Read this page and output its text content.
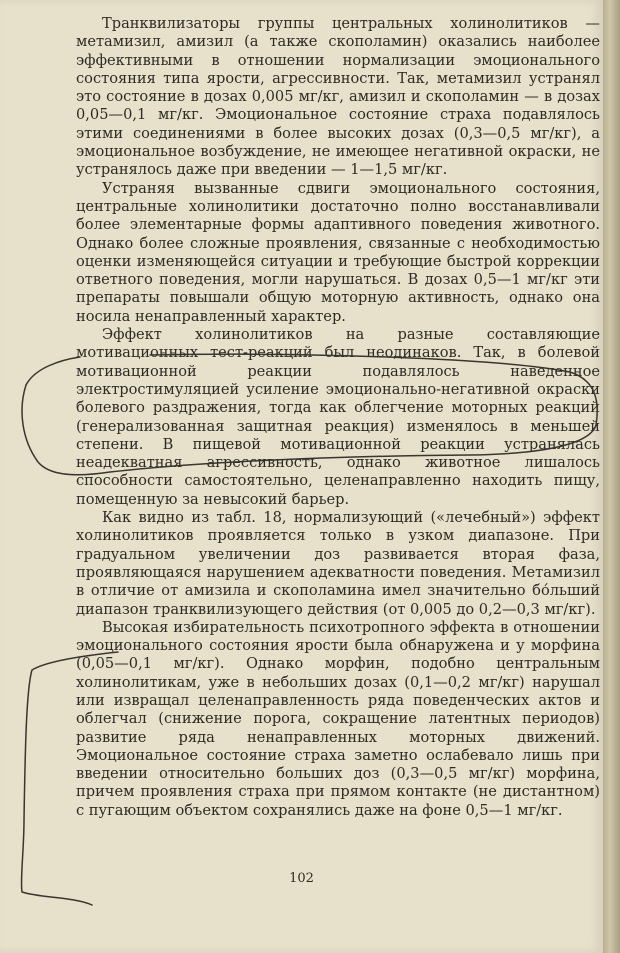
Транквилизаторы группы центральных холинолитиков — метамизил, амизил (а также скополамин) оказались наиболее эффективными в отношении нормализации эмоционального состояния типа ярости, агрессивности. Так, метамизил устранял это состояние в дозах 0,005 мг/кг, амизил и скополамин — в дозах 0,05—0,1 мг/кг. Эмоциональное состояние страха подавлялось этими соединениями в более высоких дозах (0,3—0,5 мг/кг), а эмоциональное возбуждение, не имеющее негативной окраски, не устранялось даже при введении — 1—1,5 мг/кг.

Устраняя вызванные сдвиги эмоционального состояния, центральные холинолитики достаточно полно восстанавливали более элементарные формы адаптивного поведения животного. Однако более сложные проявления, связанные с необходимостью оценки изменяющейся ситуации и требующие быстрой коррекции ответного поведения, могли нарушаться. В дозах 0,5—1 мг/кг эти препараты повышали общую моторную активность, однако она носила ненаправленный характер.

Эффект холинолитиков на разные составляющие мотивационных тест-реакций был неодинаков. Так, в болевой мотивационной реакции подавлялось наведенное электростимуляцией усиление эмоционально-негативной окраски болевого раздражения, тогда как облегчение моторных реакций (генерализованная защитная реакция) изменялось в меньшей степени. В пищевой мотивационной реакции устранялась неадекватная агрессивность, однако животное лишалось способности самостоятельно, целенаправленно находить пищу, помещенную за невысокий барьер.

Как видно из табл. 18, нормализующий («лечебный») эффект холинолитиков проявляется только в узком диапазоне. При градуальном увеличении доз развивается вторая фаза, проявляющаяся нарушением адекватности поведения. Метамизил в отличие от амизила и скополамина имел значительно бо́льший диапазон транквилизующего действия (от 0,005 до 0,2—0,3 мг/кг).

Высокая избирательность психотропного эффекта в отношении эмоционального состояния ярости была обнаружена и у морфина (0,05—0,1 мг/кг). Однако морфин, подобно центральным холинолитикам, уже в небольших дозах (0,1—0,2 мг/кг) нарушал или извращал целенаправленность ряда поведенческих актов и облегчал (снижение порога, сокращение латентных периодов) развитие ряда ненаправленных моторных движений. Эмоциональное состояние страха заметно ослабевало лишь при введении относительно больших доз (0,3—0,5 мг/кг) морфина, причем проявления страха при прямом контакте (не дистантном) с пугающим объектом сохранялись даже на фоне 0,5—1 мг/кг.

102
